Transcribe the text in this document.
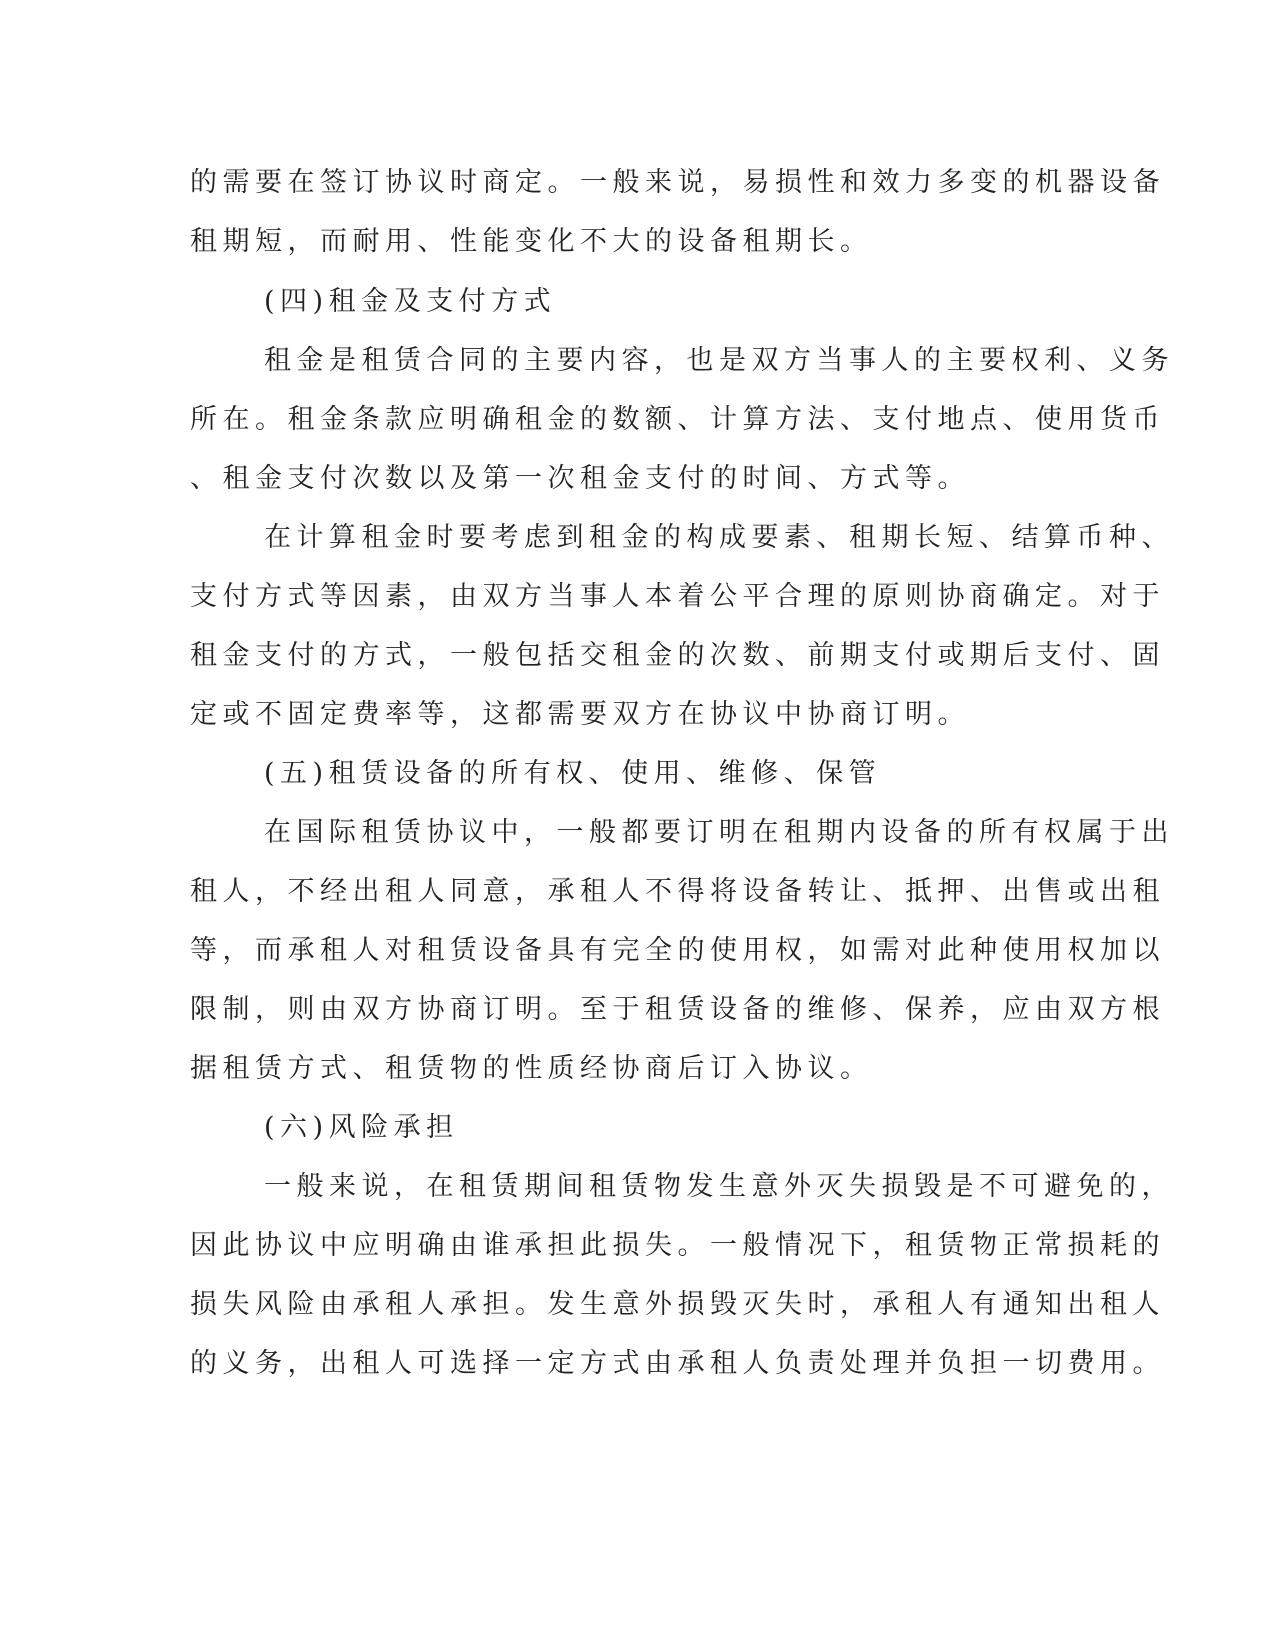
的需要在签订协议时商定。一般来说，易损性和效力多变的机器设备
租期短，而耐用、性能变化不大的设备租期长。
(四)租金及支付方式
租金是租赁合同的主要内容，也是双方当事人的主要权利、义务
所在。租金条款应明确租金的数额、计算方法、支付地点、使用货币
、租金支付次数以及第一次租金支付的时间、方式等。
在计算租金时要考虑到租金的构成要素、租期长短、结算币种、
支付方式等因素，由双方当事人本着公平合理的原则协商确定。对于
租金支付的方式，一般包括交租金的次数、前期支付或期后支付、固
定或不固定费率等，这都需要双方在协议中协商订明。
(五)租赁设备的所有权、使用、维修、保管
在国际租赁协议中，一般都要订明在租期内设备的所有权属于出
租人，不经出租人同意，承租人不得将设备转让、抵押、出售或出租
等，而承租人对租赁设备具有完全的使用权，如需对此种使用权加以
限制，则由双方协商订明。至于租赁设备的维修、保养，应由双方根
据租赁方式、租赁物的性质经协商后订入协议。
(六)风险承担
一般来说，在租赁期间租赁物发生意外灭失损毁是不可避免的，
因此协议中应明确由谁承担此损失。一般情况下，租赁物正常损耗的
损失风险由承租人承担。发生意外损毁灭失时，承租人有通知出租人
的义务，出租人可选择一定方式由承租人负责处理并负担一切费用。
